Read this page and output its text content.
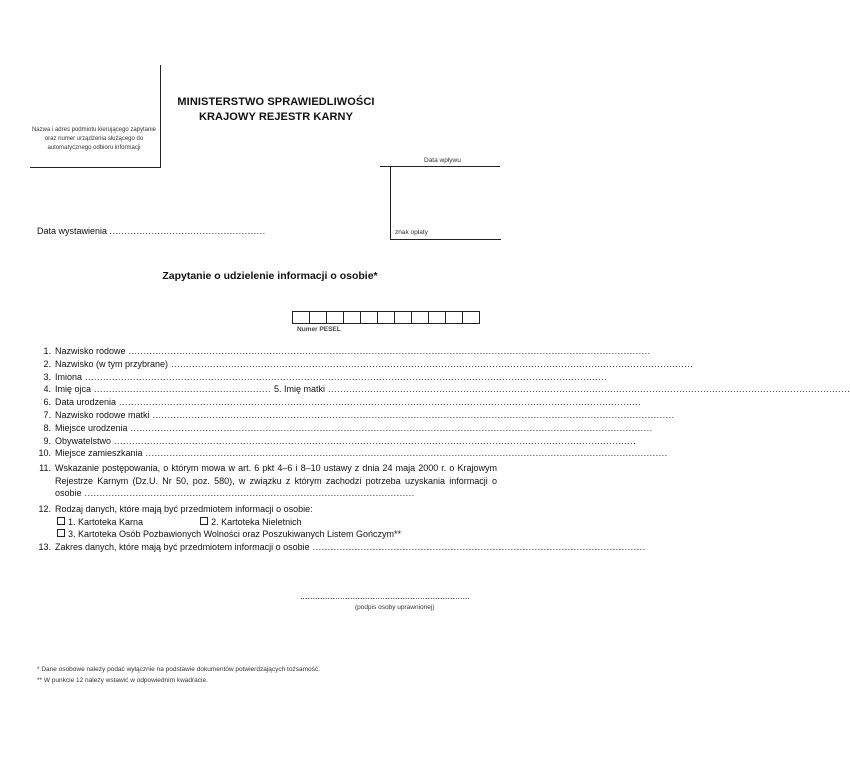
Nazwa i adres podmiotu kierującego zapytanie oraz numer urządzenia służącego do automatycznego odbioru informacji
MINISTERSTWO SPRAWIEDLIWOŚCI
KRAJOWY REJESTR KARNY
Data wpływu
znak opłaty
Data wystawienia ....................................................
Zapytanie o udzielenie informacji o osobie*
Numer PESEL
1. Nazwisko rodowe ..............................................................................................................................................................................
2. Nazwisko (w tym przybrane) ..............................................................................................................................................................................
3. Imiona ..............................................................................................................................................................................
4. Imię ojca ........................................................... 5. Imię matki ..............................................................................................................................................................................
6. Data urodzenia ..............................................................................................................................................................................
7. Nazwisko rodowe matki ..............................................................................................................................................................................
8. Miejsce urodzenia ..............................................................................................................................................................................
9. Obywatelstwo ..............................................................................................................................................................................
10. Miejsce zamieszkania ..............................................................................................................................................................................

11. Wskazanie postępowania, o którym mowa w art. 6 pkt 4–6 i 8–10 ustawy z dnia 24 maja 2000 r. o Krajowym Rejestrze Karnym (Dz.U. Nr 50, poz. 580), w związku z którym zachodzi potrzeba uzyskania informacji o osobie ..............................................................................................................

12. Rodzaj danych, które mają być przedmiotem informacji o osobie:

1. Kartoteka Karna	2. Kartoteka Nieletnich

3. Kartoteka Osób Pozbawionych Wolności oraz Poszukiwanych Listem Gończym**

13. Zakres danych, które mają być przedmiotem informacji o osobie ...............................................................................................................
....................................................................
(podpis osoby uprawnionej)
* Dane osobowe należy podać wyłącznie na podstawie dokumentów potwierdzających tożsamość.
** W punkcie 12 należy wstawić w odpowiednim kwadracie.
